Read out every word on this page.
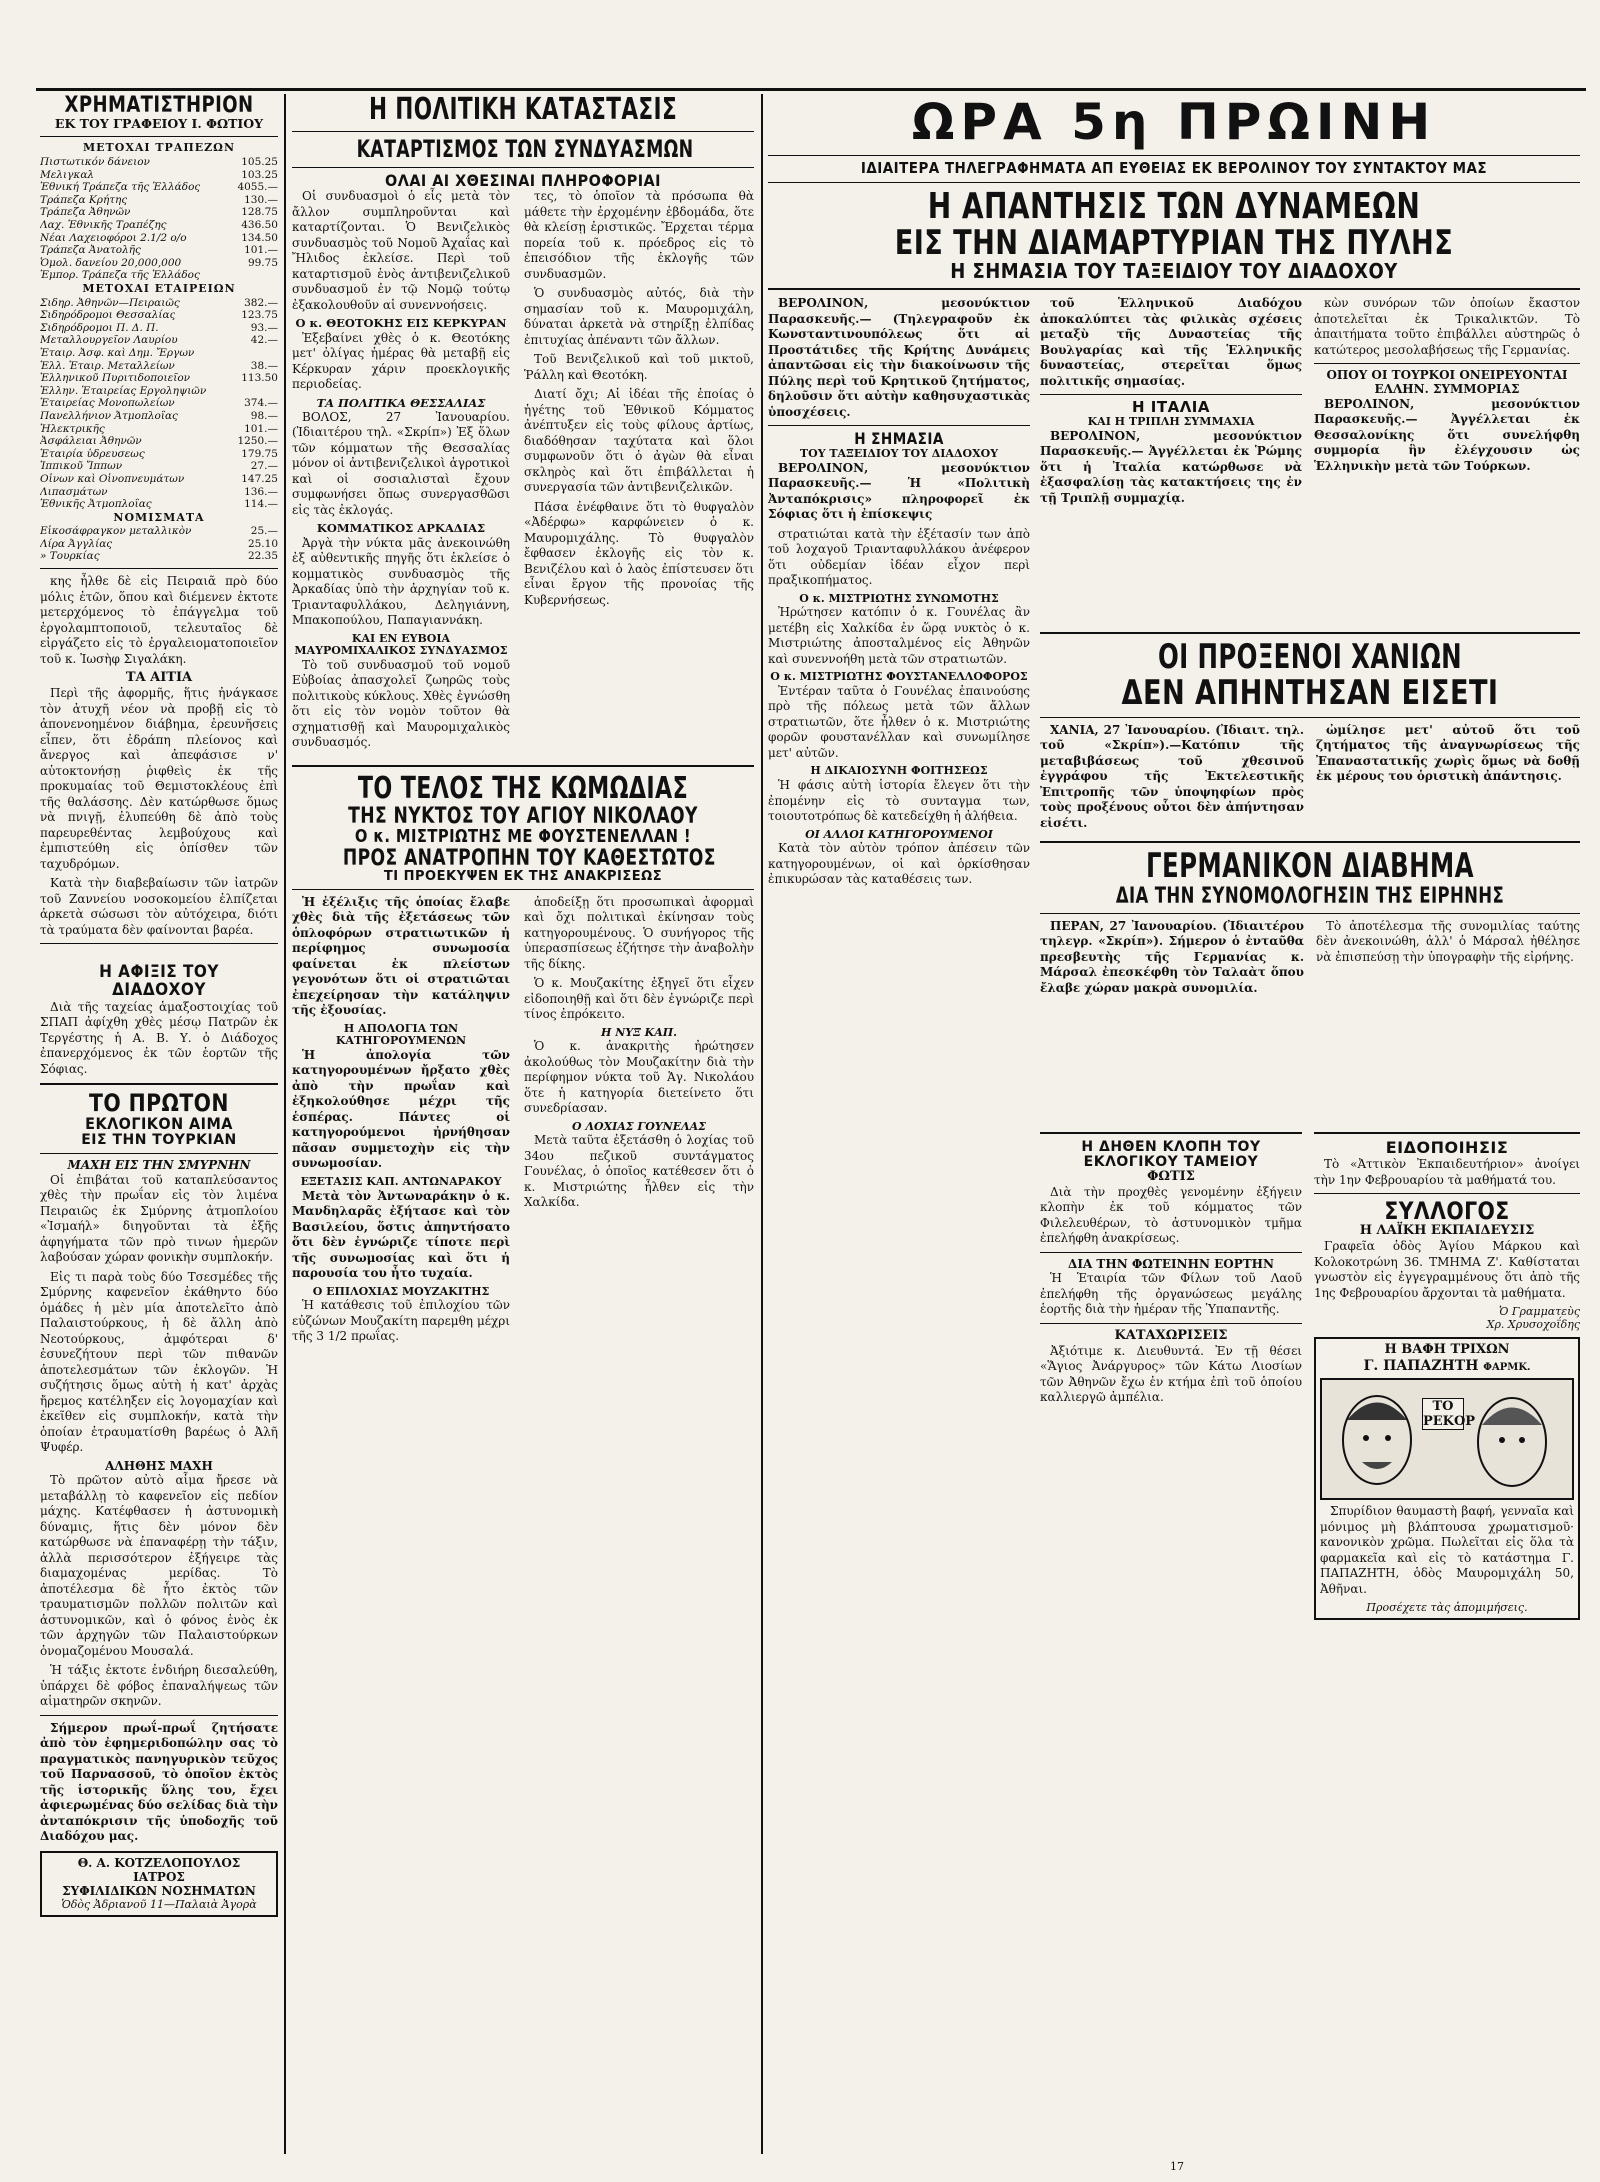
ΧΡΗΜΑΤΙΣΤΗΡΙΟΝ
ΕΚ ΤΟΥ ΓΡΑΦΕΙΟΥ Ι. ΦΩΤΙΟΥ
ΜΕΤΟΧΑΙ ΤΡΑΠΕΖΩΝ
Πιστωτικόν δάνειον	105.25
Μελιγκαλ	103.25
Ἐθνική Τράπεζα τῆς Ἑλλάδος	4055.—
Τράπεζα Κρήτης	130.—
Τράπεζα Ἀθηνῶν	128.75
Λαχ. Ἐθνικῆς Τραπέζης	436.50
Νέαι Λαχειοφόροι 2.1/2 ο/ο	134.50
Τράπεζα Ἀνατολῆς	101.—
Ὁμολ. δανείου 20,000,000	99.75
Ἐμπορ. Τράπεζα τῆς Ἑλλάδος
ΜΕΤΟΧΑΙ ΕΤΑΙΡΕΙΩΝ
Σιδηρ. Ἀθηνῶν—Πειραιῶς	382.—
Σιδηρόδρομοι Θεσσαλίας	123.75
Σιδηρόδρομοι Π. Δ. Π.	93.—
Μεταλλουργεῖον Λαυρίου	42.—
Ἑταιρ. Ἀσφ. καὶ Δημ. Ἔργων
Ἑλλ. Ἑταιρ. Μεταλλείων	38.—
Ἑλληνικοῦ Πυριτιδοποιεῖον	113.50
Ἑλλην. Ἑταιρείας Εργοληψιῶν
Ἑταιρείας Μονοπωλείων	374.—
Πανελλήνιον Ἀτμοπλοΐας	98.—
Ἠλεκτρικῆς	101.—
Ἀσφάλειαι Ἀθηνῶν	1250.—
Ἑταιρία ὑδρευσεως	179.75
Ἱππικοῦ Ἴππων	27.—
Οἶνων καὶ Οἰνοπνευμάτων	147.25
Λιπασμάτων	136.—
Ἐθνικῆς Ἀτμοπλοΐας	114.—
ΝΟΜΙΣΜΑΤΑ
Εἰκοσάφραγκον μεταλλικὸν	25.—
Λίρα Ἀγγλίας	25.10
» Τουρκίας	22.35

κης ἦλθε δὲ εἰς Πειραιᾶ πρὸ δύο μόλις ἐτῶν, ὅπου καὶ διέμενεν ἐκτοτε μετερχόμενος τὸ ἐπάγγελμα τοῦ ἐργολαμπτοποιοῦ, τελευταῖος δὲ εἰργάζετο εἰς τὸ ἐργαλειοματοποιεῖον τοῦ κ. Ἰωσὴφ Σιγαλάκη.

ΤΑ ΑΙΤΙΑ

Περὶ τῆς ἀφορμῆς, ἥτις ἠνάγκασε τὸν ἀτυχῆ νέον νὰ προβῇ εἰς τὸ ἀπονενοημένον διάβημα, ἐρευνῆσεις εἶπεν, ὅτι ἐδράπη πλείονος καὶ ἄνεργος καὶ ἀπεφάσισε ν' αὐτοκτονήσῃ ῥιφθεὶς ἐκ τῆς προκυμαίας τοῦ Θεμιστοκλέους ἐπὶ τῆς θαλάσσης. Δὲν κατώρθωσε ὅμως νὰ πνιγῇ, ἐλυπεύθη δὲ ἀπὸ τοὺς παρευρεθέντας λεμβούχους καὶ ἐμπιστεύθη εἰς ὁπίσθεν τῶν ταχυδρόμων.

Κατὰ τὴν διαβεβαίωσιν τῶν ἰατρῶν τοῦ Ζαννείου νοσοκομείου ἐλπίζεται ἀρκετὰ σώσωσι τὸν αὐτόχειρα, διότι τὰ τραύματα δὲν φαίνονται βαρέα.

Η ΑΦΙΞΙΣ ΤΟΥ ΔΙΑΔΟΧΟΥ

Διὰ τῆς ταχείας ἁμαξοστοιχίας τοῦ ΣΠΑΠ ἀφίχθη χθὲς μέσῳ Πατρῶν ἐκ Τεργέστης ἡ Α. Β. Υ. ὁ Διάδοχος ἐπανερχόμενος ἐκ τῶν ἑορτῶν τῆς Σόφιας.

ΤΟ ΠΡΩΤΟΝ
ΕΚΛΟΓΙΚΟΝ ΑΙΜΑ
ΕΙΣ ΤΗΝ ΤΟΥΡΚΙΑΝ
ΜΑΧΗ ΕΙΣ ΤΗΝ ΣΜΥΡΝΗΝ

Οἱ ἐπιβάται τοῦ καταπλεύσαντος χθὲς τὴν πρωΐαν εἰς τὸν λιμένα Πειραιῶς ἐκ Σμύρνης ἀτμοπλοίου «Ἰσμαήλ» διηγοῦνται τὰ ἑξῆς ἀφηγήματα τῶν πρὸ τινων ἡμερῶν λαβούσαν χώραν φονικὴν συμπλοκήν.

Εἰς τι παρὰ τοὺς δύο Τσεσμέδες τῆς Σμύρνης καφενεῖον ἐκάθηντο δύο ὁμάδες ἡ μὲν μία ἀποτελεῖτο ἀπὸ Παλαιστούρκους, ἡ δὲ ἄλλη ἀπὸ Νεοτούρκους, ἀμφότεραι δ' ἐσυνεζήτουν περὶ τῶν πιθανῶν ἀποτελεσμάτων τῶν ἐκλογῶν. Ἡ συζήτησις ὅμως αὐτὴ ἡ κατ' ἀρχὰς ἤρεμος κατέληξεν εἰς λογομαχίαν καὶ ἐκεῖθεν εἰς συμπλοκήν, κατὰ τὴν ὁποίαν ἐτραυματίσθη βαρέως ὁ Ἀλῆ Ψυφέρ.

ΑΛΗΘΗΣ ΜΑΧΗ

Τὸ πρῶτον αὐτὸ αἷμα ἤρεσε νὰ μεταβάλλῃ τὸ καφενεῖον εἰς πεδίον μάχης. Κατέφθασεν ἡ ἀστυνομικὴ δύναμις, ἥτις δὲν μόνον δὲν κατώρθωσε νὰ ἐπαναφέρῃ τὴν τάξιν, ἀλλὰ περισσότερον ἐξήγειρε τὰς διαμαχομένας μερίδας. Τὸ ἀποτέλεσμα δὲ ἦτο ἐκτὸς τῶν τραυματισμῶν πολλῶν πολιτῶν καὶ ἀστυνομικῶν, καὶ ὁ φόνος ἑνὸς ἐκ τῶν ἀρχηγῶν τῶν Παλαιστούρκων ὀνομαζομένου Μουσαλά.

Ἡ τάξις ἐκτοτε ἐνδιήρη διεσαλεύθη, ὑπάρχει δὲ φόβος ἐπαναλήψεως τῶν αἱματηρῶν σκηνῶν.

Σήμερον πρωΐ-πρωΐ ζητήσατε ἀπὸ τὸν ἐφημεριδοπώλην σας τὸ πραγματικὸς πανηγυρικὸν τεῦχος τοῦ Παρνασσοῦ, τὸ ὁποῖον ἐκτὸς τῆς ἱστορικῆς ὕλης του, ἔχει ἀφιερωμένας δύο σελίδας διὰ τὴν ἀνταπόκρισιν τῆς ὑποδοχῆς τοῦ Διαδόχου μας.

Θ. Α. ΚΟΤΖΕΛΟΠΟΥΛΟΣ
ΙΑΤΡΟΣ
ΣΥΦΙΛΙΔΙΚΩΝ ΝΟΣΗΜΑΤΩΝ
Ὁδὸς Ἀδριανοῦ 11—Παλαιὰ Ἀγορὰ
Η ΠΟΛΙΤΙΚΗ ΚΑΤΑΣΤΑΣΙΣ
ΚΑΤΑΡΤΙΣΜΟΣ ΤΩΝ ΣΥΝΔΥΑΣΜΩΝ
ΟΛΑΙ ΑΙ ΧΘΕΣΙΝΑΙ ΠΛΗΡΟΦΟΡΙΑΙ

Οἱ συνδυασμοὶ ὁ εἷς μετὰ τὸν ἄλλον συμπληροῦνται καὶ καταρτίζονται. Ὁ Βενιζελικὸς συνδυασμὸς τοῦ Νομοῦ Ἀχαΐας καὶ Ἤλιδος ἐκλείσε. Περὶ τοῦ καταρτισμοῦ ἑνὸς ἀντιβενιζελικοῦ συνδυασμοῦ ἐν τῷ Νομῷ τούτῳ ἐξακολουθοῦν αἱ συνεννοήσεις.

Ο κ. ΘΕΟΤΟΚΗΣ ΕΙΣ ΚΕΡΚΥΡΑΝ

Ἐξεβαίνει χθὲς ὁ κ. Θεοτόκης μετ' ὀλίγας ἡμέρας θὰ μεταβῇ εἰς Κέρκυραν χάριν προεκλογικῆς περιοδείας.

ΤΑ ΠΟΛΙΤΙΚΑ ΘΕΣΣΑΛΙΑΣ

ΒΟΛΟΣ, 27 Ἰανουαρίου. (Ἰδιαιτέρου τηλ. «Σκρίπ») Ἐξ ὅλων τῶν κόμματων τῆς Θεσσαλίας μόνον οἱ ἀντιβενιζελικοὶ ἀγροτικοὶ καὶ οἱ σοσιαλισταὶ ἔχουν συμφωνήσει ὅπως συνεργασθῶσι εἰς τὰς ἐκλογάς.

ΚΟΜΜΑΤΙΚΟΣ ΑΡΚΑΔΙΑΣ

Ἀργὰ τὴν νύκτα μᾶς ἀνεκοινώθη ἐξ αὐθεντικῆς πηγῆς ὅτι ἐκλείσε ὁ κομματικὸς συνδυασμὸς τῆς Ἀρκαδίας ὑπὸ τὴν ἀρχηγίαν τοῦ κ. Τριανταφυλλάκου, Δεληγιάννη, Μπακοπούλου, Παπαγιαννάκη.

ΚΑΙ ΕΝ ΕΥΒΟΙΑ ΜΑΥΡΟΜΙΧΑΛΙΚΟΣ ΣΥΝΔΥΑΣΜΟΣ

Τὸ τοῦ συνδυασμοῦ τοῦ νομοῦ Εὐβοίας ἀπασχολεῖ ζωηρῶς τοὺς πολιτικοὺς κύκλους. Χθὲς ἐγνώσθη ὅτι εἰς τὸν νομὸν τοῦτον θὰ σχηματισθῇ καὶ Μαυρομιχαλικὸς συνδυασμός.

τες, τὸ ὁποῖον τὰ πρόσωπα θὰ μάθετε τὴν ἐρχομένην ἑβδομάδα, ὅτε θὰ κλείσῃ ἐριστικῶς. Ἔρχεται τέρμα πορεία τοῦ κ. πρόεδρος εἰς τὸ ἐπεισόδιον τῆς ἐκλογῆς τῶν συνδυασμῶν.

Ὁ συνδυασμὸς αὐτός, διὰ τὴν σημασίαν τοῦ κ. Μαυρομιχάλη, δύναται ἀρκετὰ νὰ στηρίξῃ ἐλπίδας ἐπιτυχίας ἀπέναντι τῶν ἄλλων.

Τοῦ Βενιζελικοῦ καὶ τοῦ μικτοῦ, Ῥάλλη καὶ Θεοτόκη.

Διατί ὄχι; Αἱ ἰδέαι τῆς ἐποίας ὁ ἡγέτης τοῦ Ἐθνικοῦ Κόμματος ἀνέπτυξεν εἰς τοὺς φίλους ἀρτίως, διαδόθησαν ταχύτατα καὶ ὅλοι συμφωνοῦν ὅτι ὁ ἀγὼν θὰ εἶναι σκληρὸς καὶ ὅτι ἐπιβάλλεται ἡ συνεργασία τῶν ἀντιβενιζελικῶν.

Πάσα ἐνέφθαινε ὅτι τὸ θυφγαλὸν «Ἀδέρφω» καρφώνειεν ὁ κ. Μαυρομιχάλης. Τὸ θυφγαλὸν ἔφθασεν ἐκλογῆς εἰς τὸν κ. Βενιζέλου καὶ ὁ λαὸς ἐπίστευσεν ὅτι εἶναι ἔργον τῆς προνοίας τῆς Κυβερνήσεως.

ΤΟ ΤΕΛΟΣ ΤΗΣ ΚΩΜΩΔΙΑΣ
ΤΗΣ ΝΥΚΤΟΣ ΤΟΥ ΑΓΙΟΥ ΝΙΚΟΛΑΟΥ
Ο κ. ΜΙΣΤΡΙΩΤΗΣ ΜΕ ΦΟΥΣΤΕΝΕΛΛΑΝ !
ΠΡΟΣ ΑΝΑΤΡΟΠΗΝ ΤΟΥ ΚΑΘΕΣΤΩΤΟΣ
ΤΙ ΠΡΟΕΚΥΨΕΝ ΕΚ ΤΗΣ ΑΝΑΚΡΙΣΕΩΣ

Ἡ ἐξέλιξις τῆς ὁποίας ἔλαβε χθὲς διὰ τῆς ἐξετάσεως τῶν ὁπλοφόρων στρατιωτικῶν ἡ περίφημος συνωμοσία φαίνεται ἐκ πλείστων γεγονότων ὅτι οἱ στρατιῶται ἐπεχείρησαν τὴν κατάληψιν τῆς ἐξουσίας.

Η ΑΠΟΛΟΓΙΑ ΤΩΝ ΚΑΤΗΓΟΡΟΥΜΕΝΩΝ

Ἡ ἀπολογία τῶν κατηγορουμένων ἤρξατο χθὲς ἀπὸ τὴν πρωΐαν καὶ ἐξηκολούθησε μέχρι τῆς ἑσπέρας. Πάντες οἱ κατηγορούμενοι ἠρνήθησαν πᾶσαν συμμετοχὴν εἰς τὴν συνωμοσίαν.

ΕΞΕΤΑΣΙΣ ΚΑΠ. ΑΝΤΩΝΑΡΑΚΟΥ

Μετὰ τὸν Ἀντωναράκην ὁ κ. Μανδηλαρᾶς ἐξήτασε καὶ τὸν Βασιλείου, ὅστις ἀπηντήσατο ὅτι δὲν ἐγνώριζε τίποτε περὶ τῆς συνωμοσίας καὶ ὅτι ἡ παρουσία του ἦτο τυχαία.

Ο ΕΠΙΛΟΧΙΑΣ ΜΟΥΖΑΚΙΤΗΣ

Ἡ κατάθεσις τοῦ ἐπιλοχίου τῶν εὐζώνων Μουζακίτη παρεμθη μέχρι τῆς 3 1/2 πρωΐας.

ἀποδείξῃ ὅτι προσωπικαὶ ἀφορμαὶ καὶ ὄχι πολιτικαὶ ἐκίνησαν τοὺς κατηγορουμένους. Ὁ συνήγορος τῆς ὑπερασπίσεως ἐζήτησε τὴν ἀναβολὴν τῆς δίκης.

Ὁ κ. Μουζακίτης ἐξηγεῖ ὅτι εἶχεν εἰδοποιηθῇ καὶ ὅτι δὲν ἐγνώριζε περὶ τίνος ἐπρόκειτο.

Η ΝΥΞ ΚΑΠ.

Ὁ κ. ἀνακριτὴς ἠρώτησεν ἀκολούθως τὸν Μουζακίτην διὰ τὴν περίφημον νύκτα τοῦ Ἁγ. Νικολάου ὅτε ἡ κατηγορία διετείνετο ὅτι συνεδρίασαν.

Ο ΛΟΧΙΑΣ ΓΟΥΝΕΛΑΣ

Μετὰ ταῦτα ἐξετάσθη ὁ λοχίας τοῦ 34ου πεζικοῦ συντάγματος Γουνέλας, ὁ ὁποῖος κατέθεσεν ὅτι ὁ κ. Μιστριώτης ἦλθεν εἰς τὴν Χαλκίδα.

ΩΡΑ 5η ΠΡΩΙΝΗ
ΙΔΙΑΙΤΕΡΑ ΤΗΛΕΓΡΑΦΗΜΑΤΑ ΑΠ ΕΥΘΕΙΑΣ ΕΚ ΒΕΡΟΛΙΝΟΥ ΤΟΥ ΣΥΝΤΑΚΤΟΥ ΜΑΣ
Η ΑΠΑΝΤΗΣΙΣ ΤΩΝ ΔΥΝΑΜΕΩΝ
ΕΙΣ ΤΗΝ ΔΙΑΜΑΡΤΥΡΙΑΝ ΤΗΣ ΠΥΛΗΣ
Η ΣΗΜΑΣΙΑ ΤΟΥ ΤΑΞΕΙΔΙΟΥ ΤΟΥ ΔΙΑΔΟΧΟΥ

ΒΕΡΟΛΙΝΟΝ, μεσονύκτιον Παρασκευῆς.— (Τηλεγραφοῦν ἐκ Κωνσταντινουπόλεως ὅτι αἱ Προστάτιδες τῆς Κρήτης Δυνάμεις ἀπαντῶσαι εἰς τὴν διακοίνωσιν τῆς Πύλης περὶ τοῦ Κρητικοῦ ζητήματος, δηλοῦσιν ὅτι αὐτὴν καθησυχαστικὰς ὑποσχέσεις.

Η ΣΗΜΑΣΙΑ
ΤΟΥ ΤΑΞΕΙΔΙΟΥ ΤΟΥ ΔΙΑΔΟΧΟΥ

ΒΕΡΟΛΙΝΟΝ, μεσονύκτιον Παρασκευῆς.— Ἡ «Πολιτικὴ Ἀνταπόκρισις» πληροφορεῖ ἐκ Σόφιας ὅτι ἡ ἐπίσκεψις

στρατιώται κατὰ τὴν ἐξέτασίν των ἀπὸ τοῦ λοχαγοῦ Τριανταφυλλάκου ἀνέφερον ὅτι οὐδεμίαν ἰδέαν εἶχον περὶ πραξικοπήματος.

Ο κ. ΜΙΣΤΡΙΩΤΗΣ ΣΥΝΩΜΟΤΗΣ

Ἠρώτησεν κατόπιν ὁ κ. Γουνέλας ἂν μετέβη εἰς Χαλκίδα ἐν ὥρᾳ νυκτὸς ὁ κ. Μιστριώτης ἀποσταλμένος εἰς Ἀθηνῶν καὶ συνεννοήθη μετὰ τῶν στρατιωτῶν.

Ο κ. ΜΙΣΤΡΙΩΤΗΣ ΦΟΥΣΤΑΝΕΛΛΟΦΟΡΟΣ

Ἐντέραν ταῦτα ὁ Γουνέλας ἐπαινούσης πρὸ τῆς πόλεως μετὰ τῶν ἄλλων στρατιωτῶν, ὅτε ἦλθεν ὁ κ. Μιστριώτης φορῶν φουστανέλλαν καὶ συνωμίλησε μετ' αὐτῶν.

Η ΔΙΚΑΙΟΣΥΝΗ ΦΟΙΤΗΣΕΩΣ

Ἡ φάσις αὐτὴ ἱστορία ἔλεγεν ὅτι τὴν ἐπομένην εἰς τὸ συνταγμα των, τοιουτοτρόπως δὲ κατεδείχθη ἡ ἀλήθεια.

ΟΙ ΑΛΛΟΙ ΚΑΤΗΓΟΡΟΥΜΕΝΟΙ

Κατὰ τὸν αὐτὸν τρόπον ἀπέσειν τῶν κατηγορουμένων, οἱ καὶ ὁρκίσθησαν ἐπικυρώσαν τὰς καταθέσεις των.

τοῦ Ἑλληνικοῦ Διαδόχου ἀποκαλύπτει τὰς φιλικὰς σχέσεις μεταξὺ τῆς Δυναστείας τῆς Βουλγαρίας καὶ τῆς Ἑλληνικῆς δυναστείας, στερεῖται ὅμως πολιτικῆς σημασίας.

Η ΙΤΑΛΙΑ
ΚΑΙ Η ΤΡΙΠΛΗ ΣΥΜΜΑΧΙΑ

ΒΕΡΟΛΙΝΟΝ, μεσονύκτιον Παρασκευῆς.— Ἀγγέλλεται ἐκ Ῥώμης ὅτι ἡ Ἰταλία κατώρθωσε νὰ ἐξασφαλίσῃ τὰς κατακτήσεις της ἐν τῇ Τριπλῇ συμμαχίᾳ.

κὼν συνόρων τῶν ὁποίων ἔκαστον ἀποτελεῖται ἐκ Τρικαλικτῶν. Τὸ ἀπαιτήματα τοῦτο ἐπιβάλλει αὐστηρῶς ὁ κατώτερος μεσολαβήσεως τῆς Γερμανίας.

ΟΠΟΥ ΟΙ ΤΟΥΡΚΟΙ ΟΝΕΙΡΕΥΟΝΤΑΙ ΕΛΛΗΝ. ΣΥΜΜΟΡΙΑΣ

ΒΕΡΟΛΙΝΟΝ, μεσονύκτιον Παρασκευῆς.— Ἀγγέλλεται ἐκ Θεσσαλονίκης ὅτι συνελήφθη συμμορία ἣν ἐλέγχουσιν ὡς Ἑλληνικὴν μετὰ τῶν Τούρκων.

ΟΙ ΠΡΟΞΕΝΟΙ ΧΑΝΙΩΝ
ΔΕΝ ΑΠΗΝΤΗΣΑΝ ΕΙΣΕΤΙ

ΧΑΝΙΑ, 27 Ἰανουαρίου. (Ἰδιαιτ. τηλ. τοῦ «Σκρίπ»).—Κατόπιν τῆς μεταβιβάσεως τοῦ χθεσινοῦ ἐγγράφου τῆς Ἐκτελεστικῆς Ἐπιτροπῆς τῶν ὑποψηφίων πρὸς τοὺς προξένους οὗτοι δὲν ἀπήντησαν εἰσέτι.

ὠμίλησε μετ' αὐτοῦ ὅτι τοῦ ζητήματος τῆς ἀναγνωρίσεως τῆς Ἐπαναστατικῆς χωρὶς ὅμως νὰ δοθῇ ἐκ μέρους του ὁριστικὴ ἀπάντησις.

ΓΕΡΜΑΝΙΚΟΝ ΔΙΑΒΗΜΑ
ΔΙΑ ΤΗΝ ΣΥΝΟΜΟΛΟΓΗΣΙΝ ΤΗΣ ΕΙΡΗΝΗΣ

ΠΕΡΑΝ, 27 Ἰανουαρίου. (Ἰδιαιτέρου τηλεγρ. «Σκρίπ»). Σήμερον ὁ ἐνταῦθα πρεσβευτὴς τῆς Γερμανίας κ. Μάρσαλ ἐπεσκέφθη τὸν Ταλαὰτ ὅπου ἔλαβε χώραν μακρὰ συνομιλία.

Τὸ ἀποτέλεσμα τῆς συνομιλίας ταύτης δὲν ἀνεκοινώθη, ἀλλ' ὁ Μάρσαλ ἠθέλησε νὰ ἐπισπεύσῃ τὴν ὑπογραφὴν τῆς εἰρήνης.

Η ΔΗΘΕΝ ΚΛΟΠΗ ΤΟΥ ΕΚΛΟΓΙΚΟΥ ΤΑΜΕΙΟΥ
ΦΩΤΙΣ

Διὰ τὴν προχθὲς γενομένην ἐξήγειν κλοπὴν ἐκ τοῦ κόμματος τῶν Φιλελευθέρων, τὸ ἀστυνομικὸν τμῆμα ἐπελήφθη ἀνακρίσεως.

ΔΙΑ ΤΗΝ ΦΩΤΕΙΝΗΝ ΕΟΡΤΗΝ

Ἡ Ἑταιρία τῶν Φίλων τοῦ Λαοῦ ἐπελήφθη τῆς ὀργανώσεως μεγάλης ἑορτῆς διὰ τὴν ἡμέραν τῆς Ὑπαπαντῆς.

ΚΑΤΑΧΩΡΙΣΕΙΣ

Ἀξιότιμε κ. Διευθυντά. Ἐν τῇ θέσει «Ἅγιος Ἀνάργυρος» τῶν Κάτω Λιοσίων τῶν Ἀθηνῶν ἔχω ἐν κτήμα ἐπὶ τοῦ ὁποίου καλλιεργῶ ἀμπέλια.

ΕΙΔΟΠΟΙΗΣΙΣ

Τὸ «Ἀττικὸν Ἐκπαιδευτήριον» ἀνοίγει τὴν 1ην Φεβρουαρίου τὰ μαθήματά του.

ΣΥΛΛΟΓΟΣ
Η ΛΑΪΚΗ ΕΚΠΑΙΔΕΥΣΙΣ

Γραφεῖα ὁδὸς Ἁγίου Μάρκου καὶ Κολοκοτρώνη 36. ΤΜΗΜΑ Ζ'. Καθίσταται γνωστὸν εἰς ἐγγεγραμμένους ὅτι ἀπὸ τῆς 1ης Φεβρουαρίου ἄρχονται τὰ μαθήματα.

Ὁ Γραμματεὺς
Χρ. Χρυσοχοΐδης
Η ΒΑΦΗ ΤΡΙΧΩΝ
Γ. ΠΑΠΑΖΗΤΗ ΦΑΡΜΚ.
ΤΟ ΡΕΚΟΡ

Σπυρίδιον θαυμαστὴ βαφή, γενναῖα καὶ μόνιμος μὴ βλάπτουσα χρωματισμοῦ· κανονικὸν χρῶμα. Πωλεῖται εἰς ὅλα τὰ φαρμακεῖα καὶ εἰς τὸ κατάστημα Γ. ΠΑΠΑΖΗΤΗ, ὁδὸς Μαυρομιχάλη 50, Ἀθῆναι.

Προσέχετε τὰς ἀπομιμήσεις.
17
